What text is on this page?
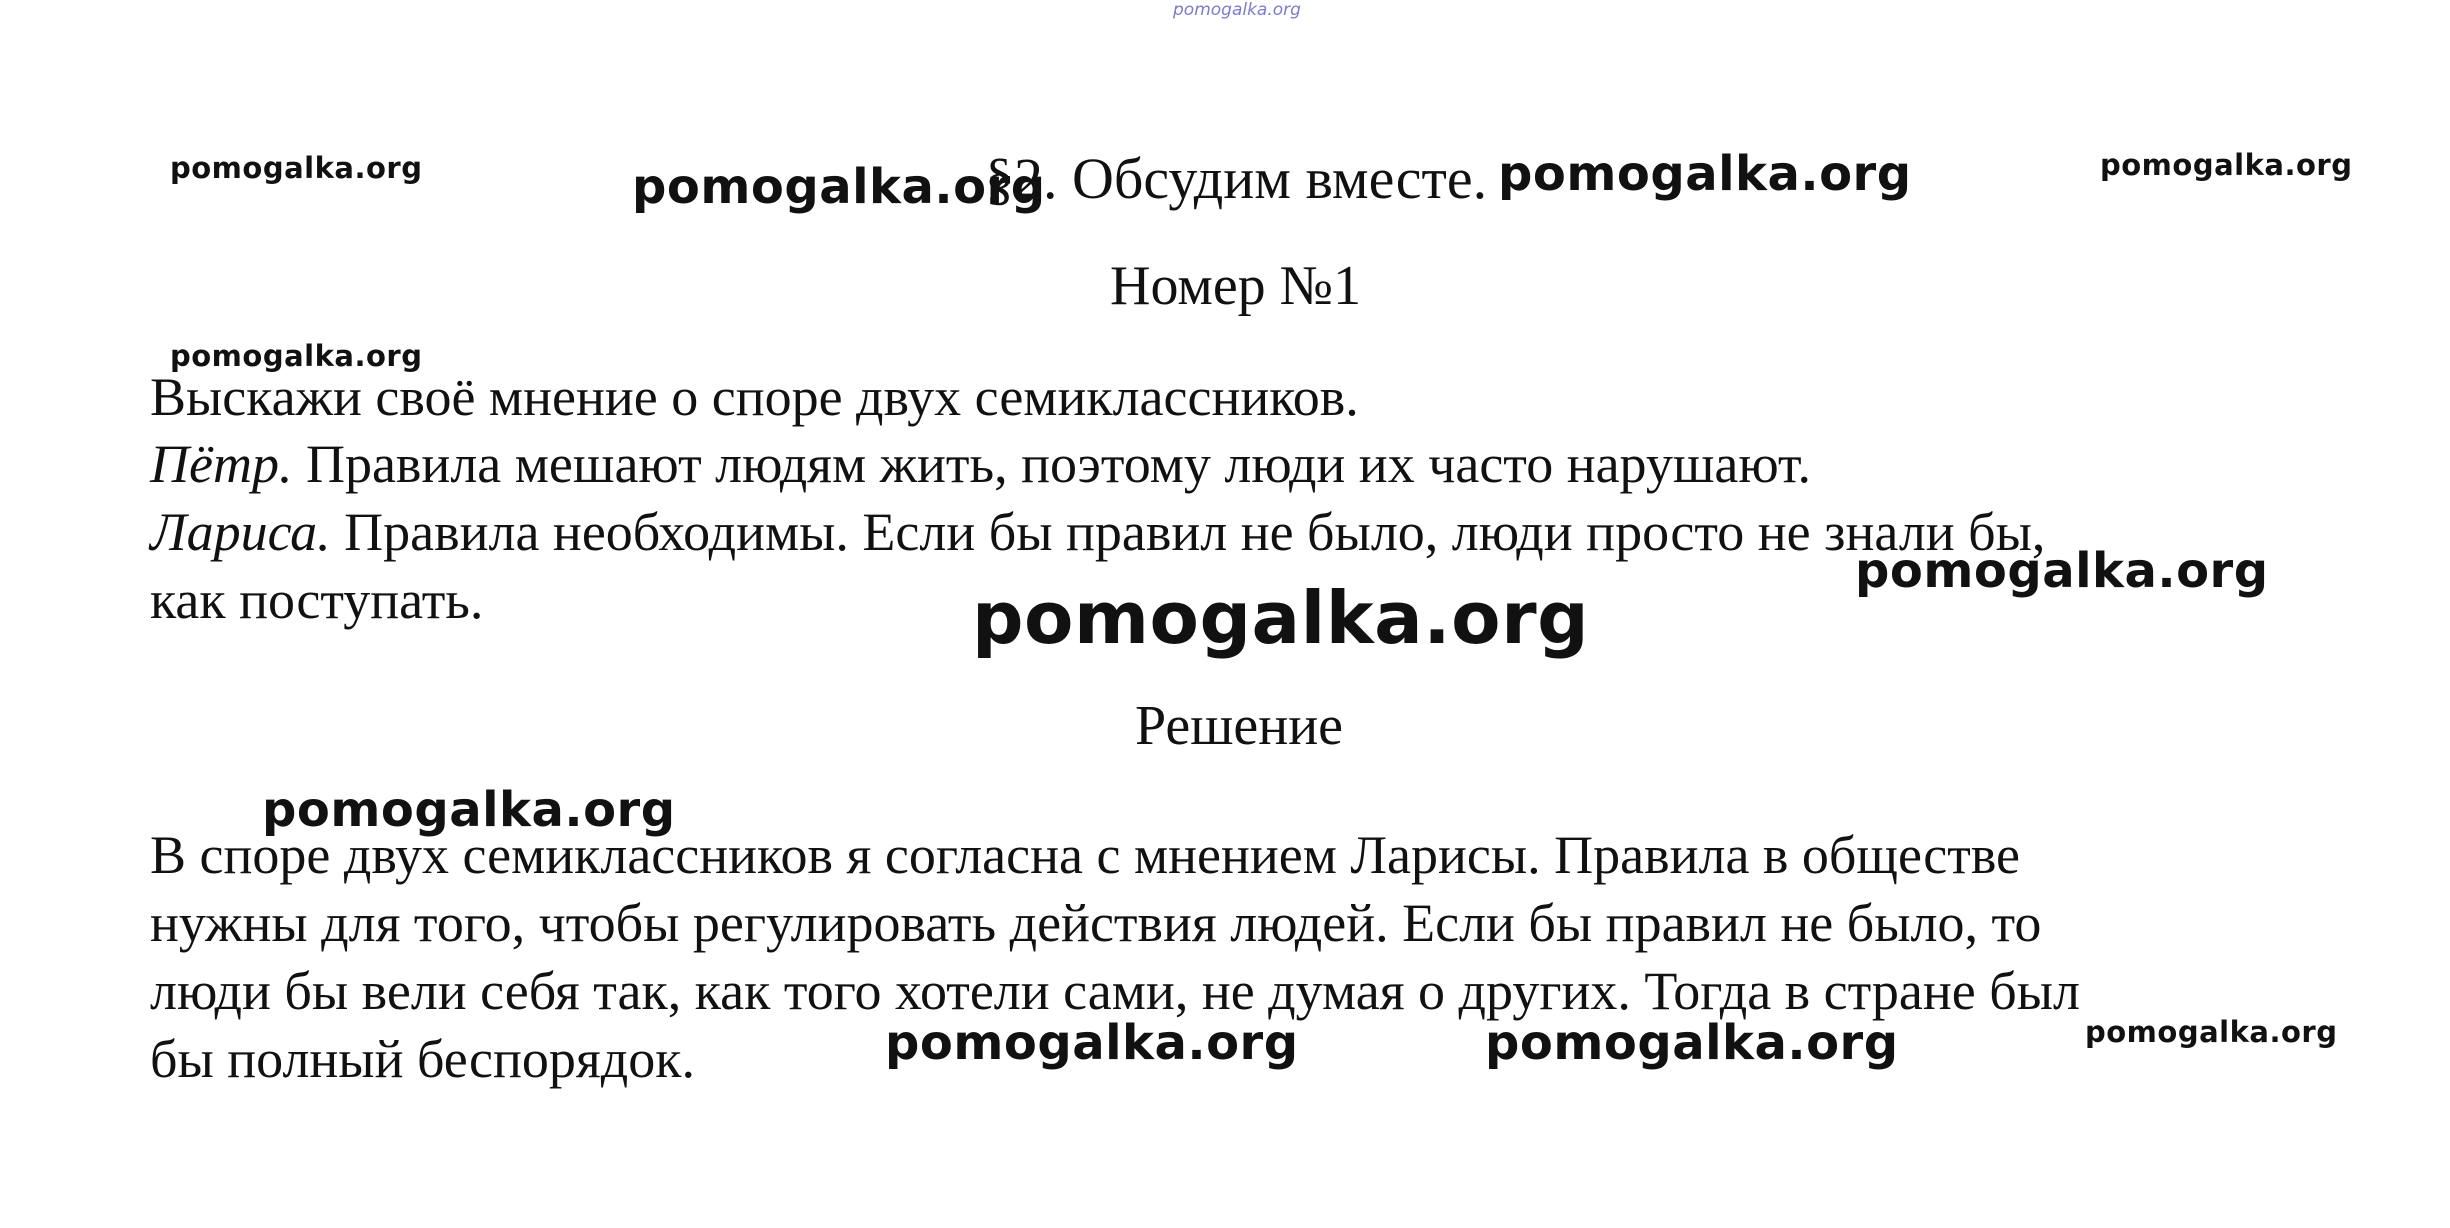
pomogalka.org
pomogalka.org	pomogalka.org
pomogalka.org
§2. Обсудим вместе. pomogalka.org
Номер №1
pomogalka.org
Выскажи своё мнение о споре двух семиклассников.
Пётр. Правила мешают людям жить, поэтому люди их часто нарушают.
Лариса. Правила необходимы. Если бы правил не было, люди просто не знали бы,
как поступать.	pomogalka.org
pomogalka.org
Решение
pomogalka.org
В споре двух семиклассников я согласна с мнением Ларисы. Правила в обществе
нужны для того, чтобы регулировать действия людей. Если бы правил не было, то
люди бы вели себя так, как того хотели сами, не думая о других. Тогда в стране был
бы полный беспорядок.	pomogalka.org	pomogalka.org	pomogalka.org
